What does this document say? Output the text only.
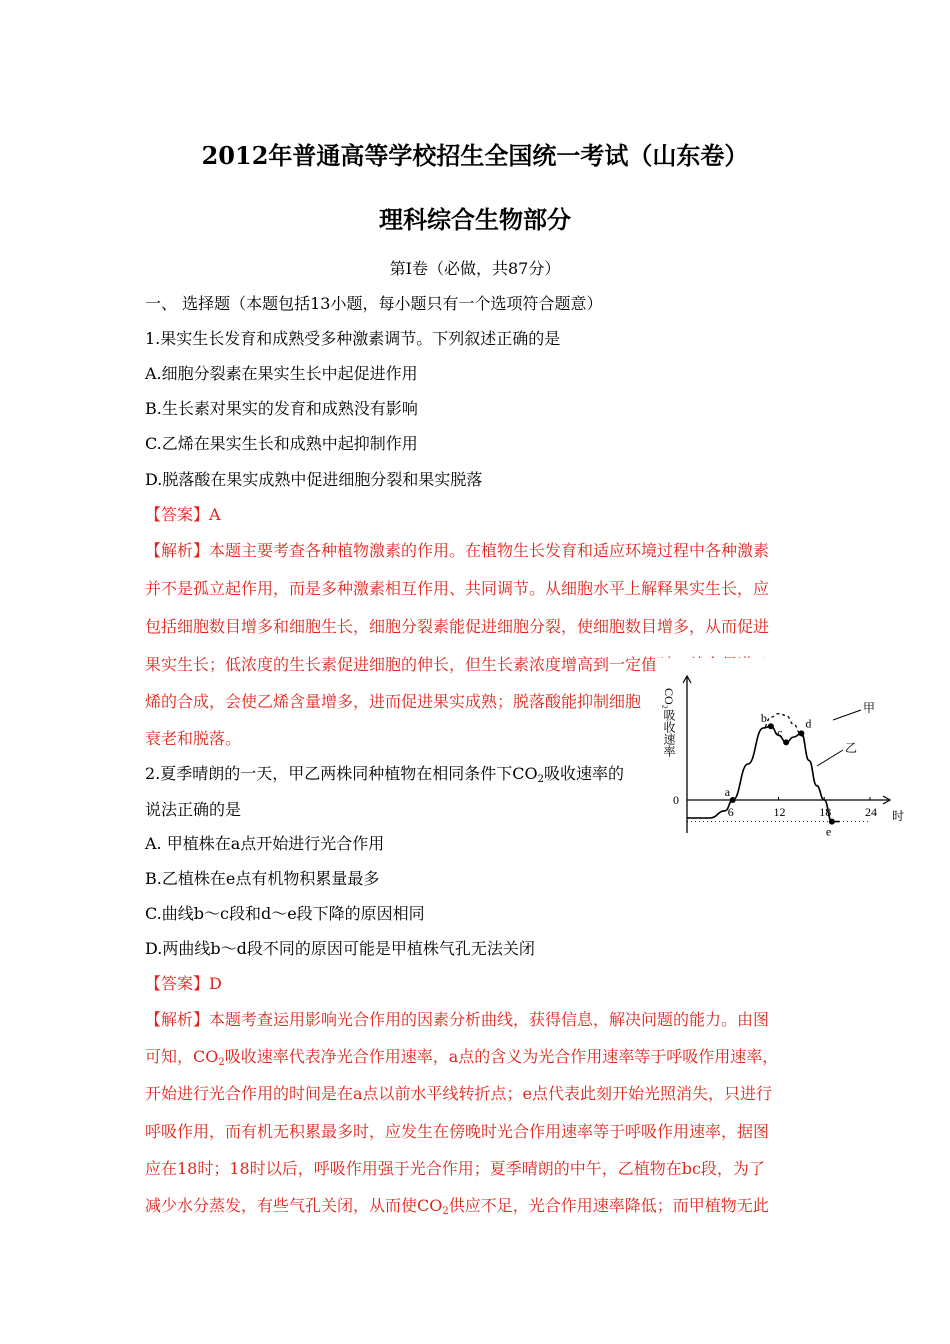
2012年普通高等学校招生全国统一考试（山东卷）
理科综合生物部分
第Ⅰ卷（必做，共87分）
一、 选择题（本题包括13小题，每小题只有一个选项符合题意）
1.果实生长发育和成熟受多种激素调节。下列叙述正确的是
A.细胞分裂素在果实生长中起促进作用
B.生长素对果实的发育和成熟没有影响
C.乙烯在果实生长和成熟中起抑制作用
D.脱落酸在果实成熟中促进细胞分裂和果实脱落
【答案】A
【解析】本题主要考查各种植物激素的作用。在植物生长发育和适应环境过程中各种激素
并不是孤立起作用，而是多种激素相互作用、共同调节。从细胞水平上解释果实生长，应
包括细胞数目增多和细胞生长，细胞分裂素能促进细胞分裂，使细胞数目增多，从而促进
果实生长；低浓度的生长素促进细胞的伸长，但生长素浓度增高到一定值时，就会促进乙
烯的合成，会使乙烯含量增多，进而促进果实成熟；脱落酸能抑制细胞
衰老和脱落。
2.夏季晴朗的一天，甲乙两株同种植物在相同条件下$CO_2$吸收速率的
说法正确的是
A. 甲植株在a点开始进行光合作用
B.乙植株在e点有机物积累量最多
C.曲线b～c段和d～e段下降的原因相同
D.两曲线b～d段不同的原因可能是甲植株气孔无法关闭
【答案】D
【解析】本题考查运用影响光合作用的因素分析曲线，获得信息，解决问题的能力。由图
可知，$CO_2$吸收速率代表净光合作用速率，a点的含义为光合作用速率等于呼吸作用速率，
开始进行光合作用的时间是在a点以前水平线转折点；e点代表此刻开始光照消失，只进行
呼吸作用，而有机无积累最多时，应发生在傍晚时光合作用速率等于呼吸作用速率，据图
应在18时；18时以后，呼吸作用强于光合作用；夏季晴朗的中午，乙植物在bc段，为了
减少水分蒸发，有些气孔关闭，从而使$CO_2$供应不足，光合作用速率降低；而甲植物无此
CO₂吸收速率
时
0
6	12	18	24
甲
乙
a
b
c
d
e
